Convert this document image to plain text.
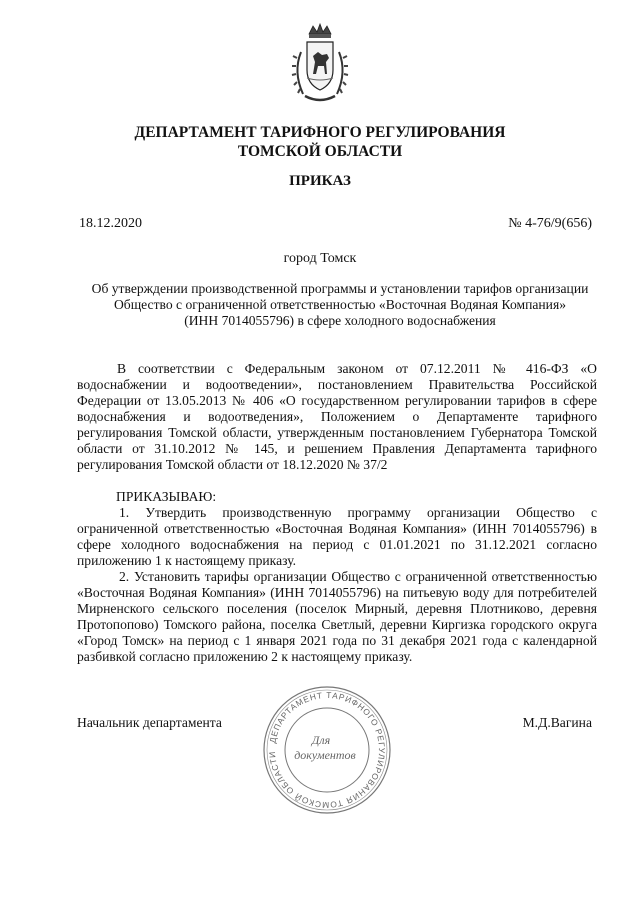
ДЕПАРТАМЕНТ ТАРИФНОГО РЕГУЛИРОВАНИЯ
ТОМСКОЙ ОБЛАСТИ
ПРИКАЗ
18.12.2020	№ 4-76/9(656)
город Томск
Об утверждении производственной программы и установлении тарифов организации
Общество с ограниченной ответственностью «Восточная Водяная Компания»
(ИНН 7014055796) в сфере холодного водоснабжения

В соответствии с Федеральным законом от 07.12.2011 № 416-ФЗ «О водоснабжении и водоотведении», постановлением Правительства Российской Федерации от 13.05.2013 № 406 «О государственном регулировании тарифов в сфере водоснабжения и водоотведения», Положением о Департаменте тарифного регулирования Томской области, утвержденным постановлением Губернатора Томской области от 31.10.2012 № 145, и решением Правления Департамента тарифного регулирования Томской области от 18.12.2020 № 37/2

ПРИКАЗЫВАЮ:

1. Утвердить производственную программу организации Общество с ограниченной ответственностью «Восточная Водяная Компания» (ИНН 7014055796) в сфере холодного водоснабжения на период с 01.01.2021 по 31.12.2021 согласно приложению 1 к настоящему приказу.

2. Установить тарифы организации Общество с ограниченной ответственностью «Восточная Водяная Компания» (ИНН 7014055796) на питьевую воду для потребителей Мирненского сельского поселения (поселок Мирный, деревня Плотниково, деревня Протопопово) Томского района, поселка Светлый, деревни Киргизка городского округа «Город Томск» на период с 1 января 2021 года по 31 декабря 2021 года с календарной разбивкой согласно приложению 2 к настоящему приказу.

Начальник департамента	М.Д.Вагина
ДЕПАРТАМЕНТ ТАРИФНОГО РЕГУЛИРОВАНИЯ ТОМСКОЙ ОБЛАСТИ
Для
документов
